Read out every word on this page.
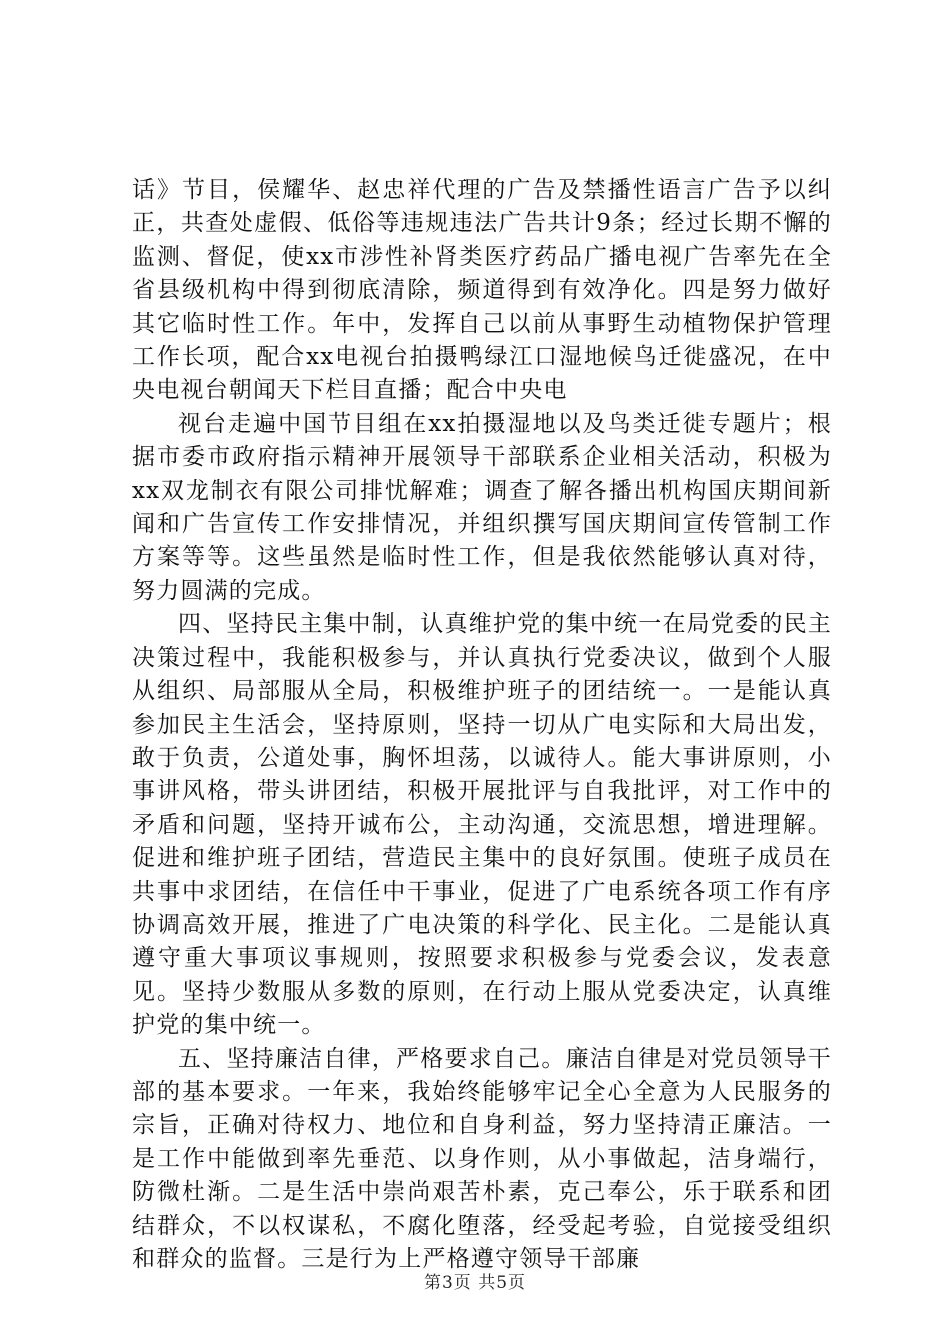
话》节目，侯耀华、赵忠祥代理的广告及禁播性语言广告予以纠正，共查处虚假、低俗等违规违法广告共计9条；经过长期不懈的监测、督促，使xx市涉性补肾类医疗药品广播电视广告率先在全省县级机构中得到彻底清除，频道得到有效净化。四是努力做好其它临时性工作。年中，发挥自己以前从事野生动植物保护管理工作长项，配合xx电视台拍摄鸭绿江口湿地候鸟迁徙盛况，在中央电视台朝闻天下栏目直播；配合中央电

视台走遍中国节目组在xx拍摄湿地以及鸟类迁徙专题片；根据市委市政府指示精神开展领导干部联系企业相关活动，积极为xx双龙制衣有限公司排忧解难；调查了解各播出机构国庆期间新闻和广告宣传工作安排情况，并组织撰写国庆期间宣传管制工作方案等等。这些虽然是临时性工作，但是我依然能够认真对待，努力圆满的完成。

四、坚持民主集中制，认真维护党的集中统一在局党委的民主决策过程中，我能积极参与，并认真执行党委决议，做到个人服从组织、局部服从全局，积极维护班子的团结统一。一是能认真参加民主生活会，坚持原则，坚持一切从广电实际和大局出发，敢于负责，公道处事，胸怀坦荡，以诚待人。能大事讲原则，小事讲风格，带头讲团结，积极开展批评与自我批评，对工作中的矛盾和问题，坚持开诚布公，主动沟通，交流思想，增进理解。促进和维护班子团结，营造民主集中的良好氛围。使班子成员在共事中求团结，在信任中干事业，促进了广电系统各项工作有序协调高效开展，推进了广电决策的科学化、民主化。二是能认真遵守重大事项议事规则，按照要求积极参与党委会议，发表意见。坚持少数服从多数的原则，在行动上服从党委决定，认真维护党的集中统一。

五、坚持廉洁自律，严格要求自己。廉洁自律是对党员领导干部的基本要求。一年来，我始终能够牢记全心全意为人民服务的宗旨，正确对待权力、地位和自身利益，努力坚持清正廉洁。一是工作中能做到率先垂范、以身作则，从小事做起，洁身端行，防微杜渐。二是生活中崇尚艰苦朴素，克己奉公，乐于联系和团结群众，不以权谋私，不腐化堕落，经受起考验，自觉接受组织和群众的监督。三是行为上严格遵守领导干部廉

第3页 共5页
